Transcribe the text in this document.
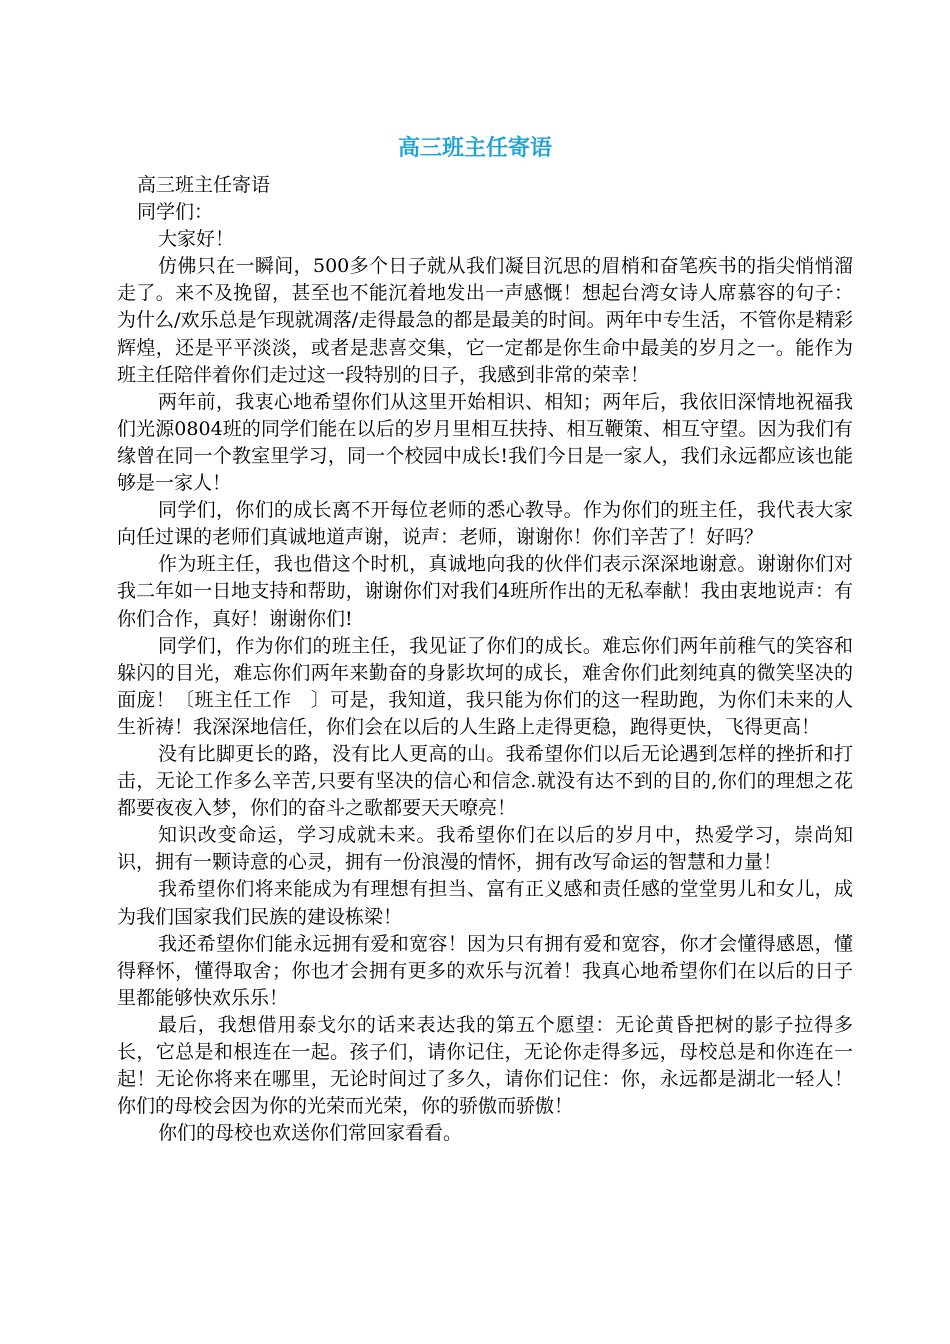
高三班主任寄语

高三班主任寄语

同学们：

大家好！

仿佛只在一瞬间，500多个日子就从我们凝目沉思的眉梢和奋笔疾书的指尖悄悄溜走了。来不及挽留，甚至也不能沉着地发出一声感慨！想起台湾女诗人席慕容的句子：为什么/欢乐总是乍现就凋落/走得最急的都是最美的时间。两年中专生活，不管你是精彩辉煌，还是平平淡淡，或者是悲喜交集，它一定都是你生命中最美的岁月之一。能作为班主任陪伴着你们走过这一段特别的日子，我感到非常的荣幸！

两年前，我衷心地希望你们从这里开始相识、相知；两年后，我依旧深情地祝福我们光源0804班的同学们能在以后的岁月里相互扶持、相互鞭策、相互守望。因为我们有缘曾在同一个教室里学习，同一个校园中成长!我们今日是一家人，我们永远都应该也能够是一家人！

同学们，你们的成长离不开每位老师的悉心教导。作为你们的班主任，我代表大家向任过课的老师们真诚地道声谢，说声：老师，谢谢你！你们辛苦了！好吗？

作为班主任，我也借这个时机，真诚地向我的伙伴们表示深深地谢意。谢谢你们对我二年如一日地支持和帮助，谢谢你们对我们4班所作出的无私奉献！我由衷地说声：有你们合作，真好！谢谢你们!

同学们，作为你们的班主任，我见证了你们的成长。难忘你们两年前稚气的笑容和躲闪的目光，难忘你们两年来勤奋的身影坎坷的成长，难舍你们此刻纯真的微笑坚决的面庞！〔班主任工作　〕可是，我知道，我只能为你们的这一程助跑，为你们未来的人生祈祷！我深深地信任，你们会在以后的人生路上走得更稳，跑得更快，飞得更高！

没有比脚更长的路，没有比人更高的山。我希望你们以后无论遇到怎样的挫折和打击，无论工作多么辛苦,只要有坚决的信心和信念.就没有达不到的目的,你们的理想之花都要夜夜入梦，你们的奋斗之歌都要天天嘹亮！

知识改变命运，学习成就未来。我希望你们在以后的岁月中，热爱学习，崇尚知识，拥有一颗诗意的心灵，拥有一份浪漫的情怀，拥有改写命运的智慧和力量！

我希望你们将来能成为有理想有担当、富有正义感和责任感的堂堂男儿和女儿，成为我们国家我们民族的建设栋梁！

我还希望你们能永远拥有爱和宽容！因为只有拥有爱和宽容，你才会懂得感恩，懂得释怀，懂得取舍；你也才会拥有更多的欢乐与沉着！我真心地希望你们在以后的日子里都能够快欢乐乐！

最后，我想借用泰戈尔的话来表达我的第五个愿望：无论黄昏把树的影子拉得多长，它总是和根连在一起。孩子们，请你记住，无论你走得多远，母校总是和你连在一起！无论你将来在哪里，无论时间过了多久，请你们记住：你，永远都是湖北一轻人！你们的母校会因为你的光荣而光荣，你的骄傲而骄傲！

你们的母校也欢送你们常回家看看。
